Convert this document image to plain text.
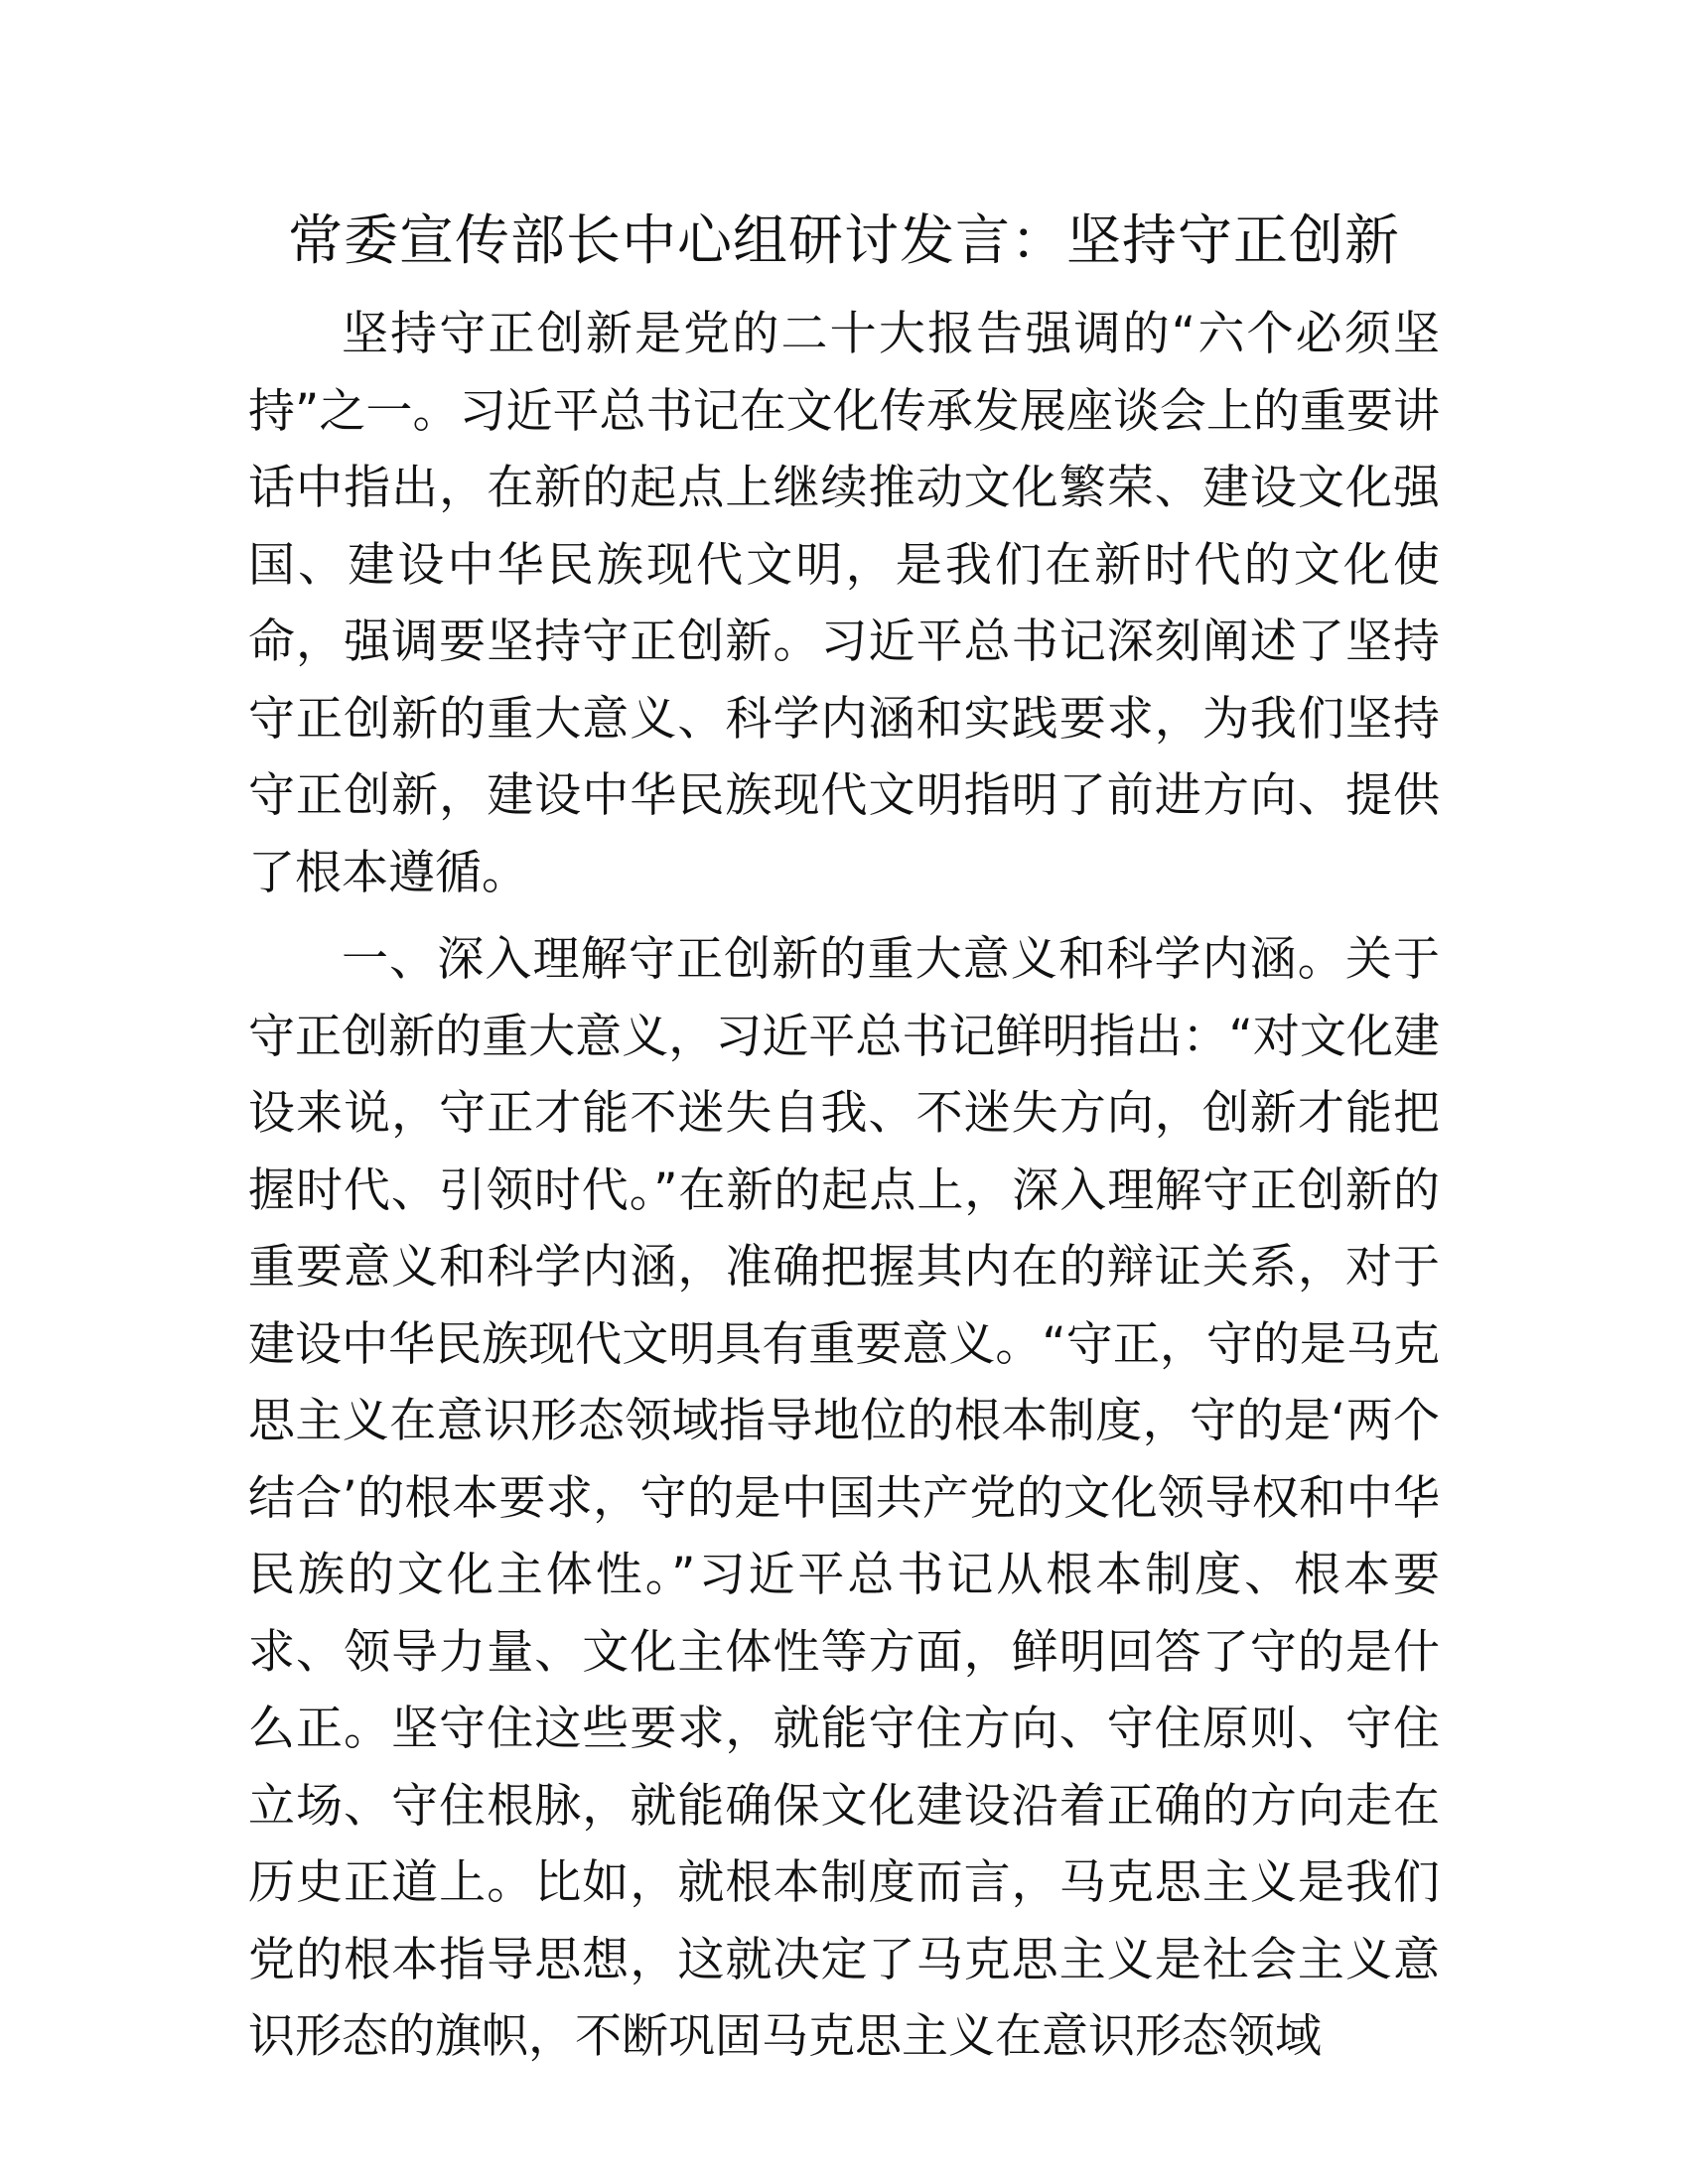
常委宣传部长中心组研讨发言：坚持守正创新

坚持守正创新是党的二十大报告强调的“六个必须坚持”之一。习近平总书记在文化传承发展座谈会上的重要讲话中指出，在新的起点上继续推动文化繁荣、建设文化强国、建设中华民族现代文明，是我们在新时代的文化使命，强调要坚持守正创新。习近平总书记深刻阐述了坚持守正创新的重大意义、科学内涵和实践要求，为我们坚持守正创新，建设中华民族现代文明指明了前进方向、提供了根本遵循。

一、深入理解守正创新的重大意义和科学内涵。关于守正创新的重大意义，习近平总书记鲜明指出：“对文化建设来说，守正才能不迷失自我、不迷失方向，创新才能把握时代、引领时代。”在新的起点上，深入理解守正创新的重要意义和科学内涵，准确把握其内在的辩证关系，对于建设中华民族现代文明具有重要意义。“守正，守的是马克思主义在意识形态领域指导地位的根本制度，守的是‘两个结合’的根本要求，守的是中国共产党的文化领导权和中华民族的文化主体性。”习近平总书记从根本制度、根本要求、领导力量、文化主体性等方面，鲜明回答了守的是什么正。坚守住这些要求，就能守住方向、守住原则、守住立场、守住根脉，就能确保文化建设沿着正确的方向走在历史正道上。比如，就根本制度而言，马克思主义是我们党的根本指导思想，这就决定了马克思主义是社会主义意识形态的旗帜，不断巩固马克思主义在意识形态领域
